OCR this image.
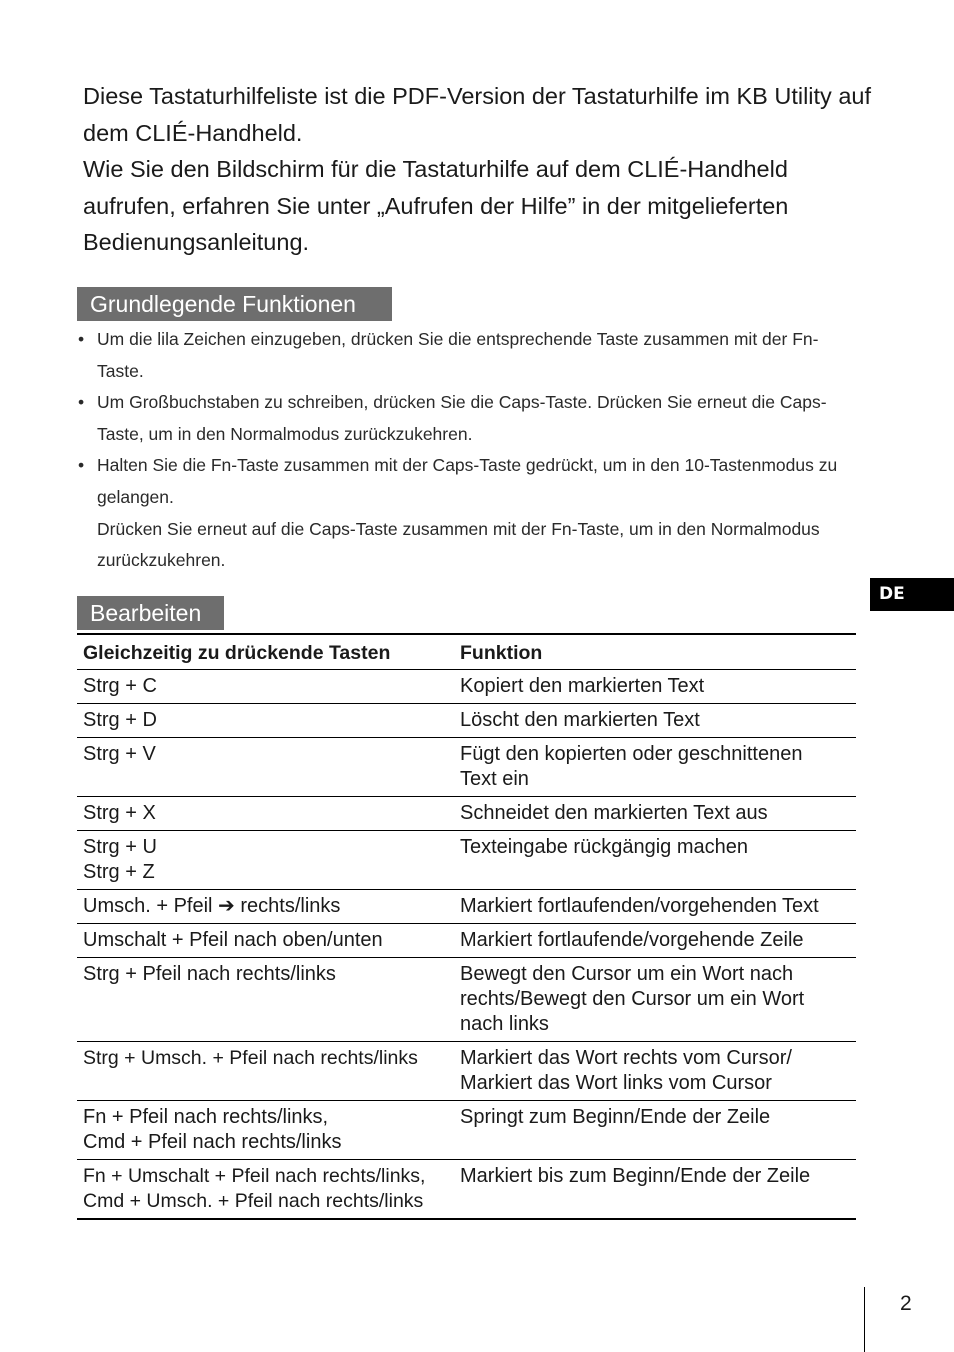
Diese Tastaturhilfeliste ist die PDF-Version der Tastaturhilfe im KB Utility auf dem CLIÉ-Handheld.

Wie Sie den Bildschirm für die Tastaturhilfe auf dem CLIÉ-Handheld aufrufen, erfahren Sie unter „Aufrufen der Hilfe” in der mitgelieferten Bedienungsanleitung.

Grundlegende Funktionen
• Um die lila Zeichen einzugeben, drücken Sie die entsprechende Taste zusammen mit der Fn-Taste.
• Um Großbuchstaben zu schreiben, drücken Sie die Caps-Taste. Drücken Sie erneut die Caps-Taste, um in den Normalmodus zurückzukehren.
• Halten Sie die Fn-Taste zusammen mit der Caps-Taste gedrückt, um in den 10-Tastenmodus zu gelangen.
Drücken Sie erneut auf die Caps-Taste zusammen mit der Fn-Taste, um in den Normalmodus zurückzukehren.
Bearbeiten
DE
Gleichzeitig zu drückende Tasten	Funktion
Strg + C	Kopiert den markierten Text
Strg + D	Löscht den markierten Text
Strg + V	Fügt den kopierten oder geschnittenen
Text ein
Strg + X	Schneidet den markierten Text aus
Strg + U
Strg + Z	Texteingabe rückgängig machen
Umsch. + Pfeil ➔ rechts/links	Markiert fortlaufenden/vorgehenden Text
Umschalt + Pfeil nach oben/unten	Markiert fortlaufende/vorgehende Zeile
Strg + Pfeil nach rechts/links	Bewegt den Cursor um ein Wort nach
rechts/Bewegt den Cursor um ein Wort
nach links
Strg + Umsch. + Pfeil nach rechts/links	Markiert das Wort rechts vom Cursor/
Markiert das Wort links vom Cursor
Fn + Pfeil nach rechts/links,
Cmd + Pfeil nach rechts/links	Springt zum Beginn/Ende der Zeile
Fn + Umschalt + Pfeil nach rechts/links,
Cmd + Umsch. + Pfeil nach rechts/links	Markiert bis zum Beginn/Ende der Zeile
2
